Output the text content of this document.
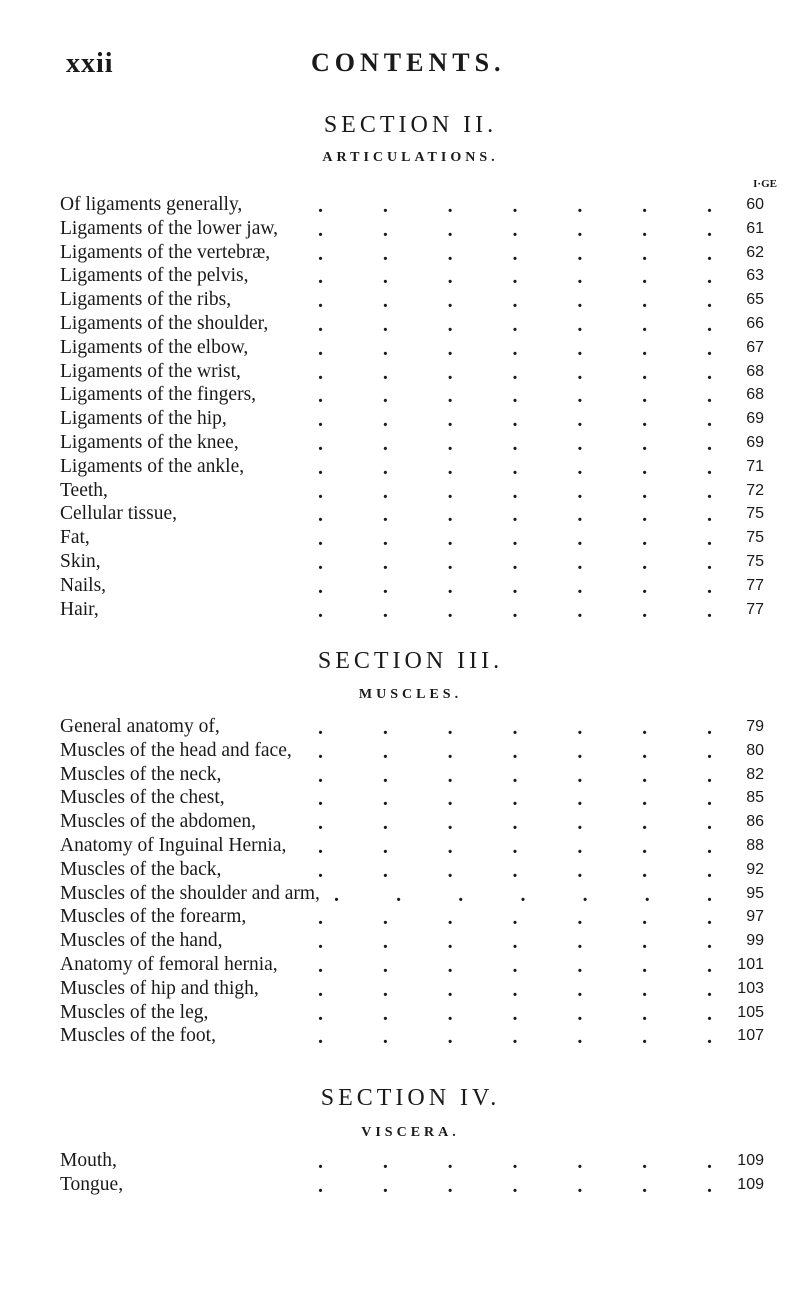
xxii	CONTENTS.
SECTION II.
ARTICULATIONS.
I·GE
Of ligaments generally,	.	.	.	.	.	.	.	60
Ligaments of the lower jaw, .	.	.	.	.	.	.	61
Ligaments of the vertebræ, .	.	.	.	.	.	.	62
Ligaments of the pelvis,	.	.	.	.	.	.	.	63
Ligaments of the ribs,	.	.	.	.	.	.	.	65
Ligaments of the shoulder, .	.	.	.	.	.	.	66
Ligaments of the elbow,	.	.	.	.	.	.	.	67
Ligaments of the wrist,	.	.	.	.	.	.	.	68
Ligaments of the fingers,	.	.	.	.	.	.	.	68
Ligaments of the hip,	.	.	.	.	.	.	.	69
Ligaments of the knee,	.	.	.	.	.	.	.	69
Ligaments of the ankle,	.	.	.	.	.	.	.	71
Teeth,	.	.	.	.	.	.	.	72
Cellular tissue,	.	.	.	.	.	.	.	75
Fat,	.	.	.	.	.	.	.	75
Skin,	.	.	.	.	.	.	.	75
Nails,	.	.	.	.	.	.	.	77
Hair,	.	.	.	.	.	.	.	77
SECTION III.
MUSCLES.
General anatomy of,	.	.	.	.	.	.	.	79
Muscles of the head and face, .	.	.	.	.	.	.	80
Muscles of the neck,	.	.	.	.	.	.	.	82
Muscles of the chest,	.	.	.	.	.	.	.	85
Muscles of the abdomen,	.	.	.	.	.	.	.	86
Anatomy of Inguinal Hernia, .	.	.	.	.	.	.	88
Muscles of the back,	.	.	.	.	.	.	.	92
Muscles of the shoulder and arm, .	.	.	.	.	.	.	95
Muscles of the forearm,	.	.	.	.	.	.	.	97
Muscles of the hand,	.	.	.	.	.	.	.	99
Anatomy of femoral hernia, .	.	.	.	.	.	.	101
Muscles of hip and thigh,	.	.	.	.	.	.	.	103
Muscles of the leg,	.	.	.	.	.	.	.	105
Muscles of the foot,	.	.	.	.	.	.	.	107
SECTION IV.
VISCERA.
Mouth,	.	.	.	.	.	.	.	109
Tongue,	.	.	.	.	.	.	.	109
